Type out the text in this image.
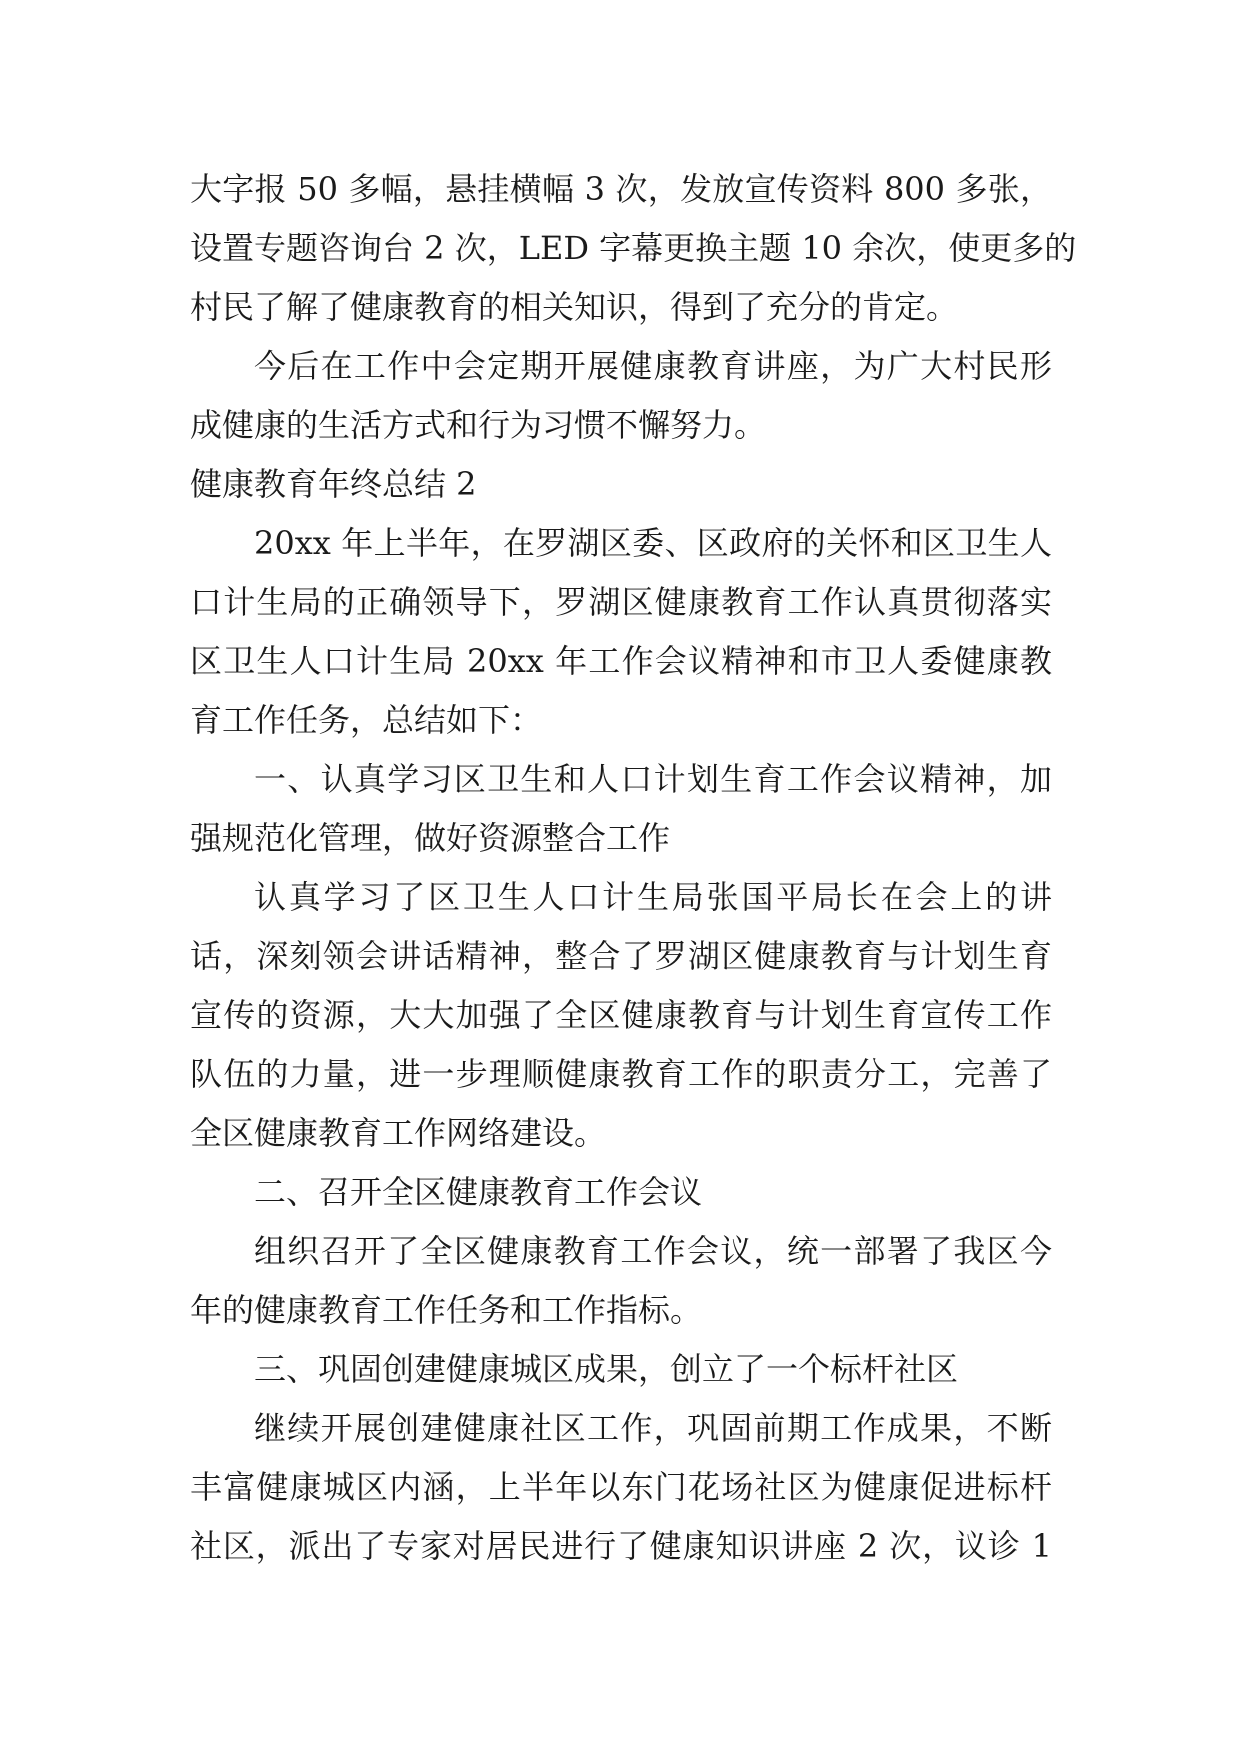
大字报 50 多幅，悬挂横幅 3 次，发放宣传资料 800 多张，
设置专题咨询台 2 次，LED 字幕更换主题 10 余次，使更多的
村民了解了健康教育的相关知识，得到了充分的肯定。
今后在工作中会定期开展健康教育讲座，为广大村民形
成健康的生活方式和行为习惯不懈努力。
健康教育年终总结 2
20xx 年上半年，在罗湖区委、区政府的关怀和区卫生人
口计生局的正确领导下，罗湖区健康教育工作认真贯彻落实
区卫生人口计生局 20xx 年工作会议精神和市卫人委健康教
育工作任务，总结如下：
一、认真学习区卫生和人口计划生育工作会议精神，加
强规范化管理，做好资源整合工作
认真学习了区卫生人口计生局张国平局长在会上的讲
话，深刻领会讲话精神，整合了罗湖区健康教育与计划生育
宣传的资源，大大加强了全区健康教育与计划生育宣传工作
队伍的力量，进一步理顺健康教育工作的职责分工，完善了
全区健康教育工作网络建设。
二、召开全区健康教育工作会议
组织召开了全区健康教育工作会议，统一部署了我区今
年的健康教育工作任务和工作指标。
三、巩固创建健康城区成果，创立了一个标杆社区
继续开展创建健康社区工作，巩固前期工作成果，不断
丰富健康城区内涵，上半年以东门花场社区为健康促进标杆
社区，派出了专家对居民进行了健康知识讲座 2 次，议诊 1
